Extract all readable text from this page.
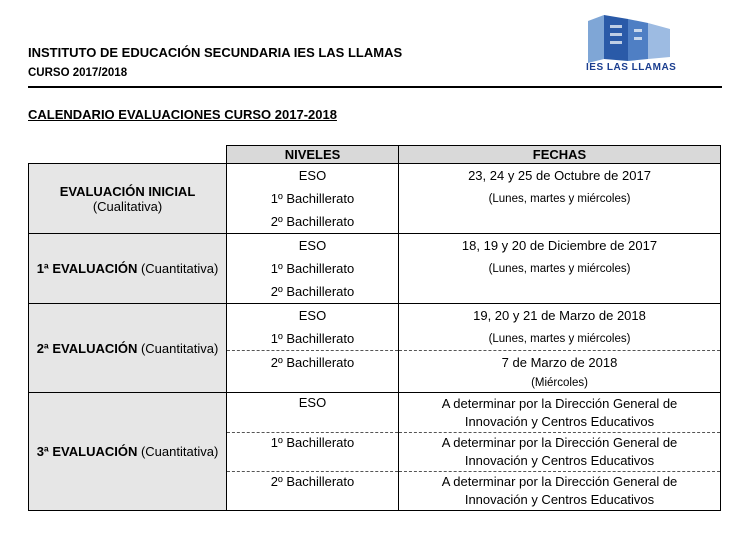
INSTITUTO DE EDUCACIÓN SECUNDARIA IES LAS LLAMAS
CURSO 2017/2018	IES LAS LLAMAS
CALENDARIO EVALUACIONES CURSO 2017-2018
	NIVELES	FECHAS

EVALUACIÓN INICIAL
(Cualitativa)	ESO	23, 24 y 25 de Octubre de 2017
	1º Bachillerato	(Lunes, martes y miércoles)
	2º Bachillerato	
1ª EVALUACIÓN (Cuantitativa)	ESO	18, 19 y 20 de Diciembre de 2017
	1º Bachillerato	(Lunes, martes y miércoles)
	2º Bachillerato	
2ª EVALUACIÓN (Cuantitativa)	ESO	19, 20 y 21 de Marzo de 2018
	1º Bachillerato	(Lunes, martes y miércoles)
	2º Bachillerato	7 de Marzo de 2018
		(Miércoles)
3ª EVALUACIÓN (Cuantitativa)	ESO	A determinar por la Dirección General de
Innovación y Centros Educativos

	1º Bachillerato	A determinar por la Dirección General de
Innovación y Centros Educativos

	2º Bachillerato	A determinar por la Dirección General de
Innovación y Centros Educativos
